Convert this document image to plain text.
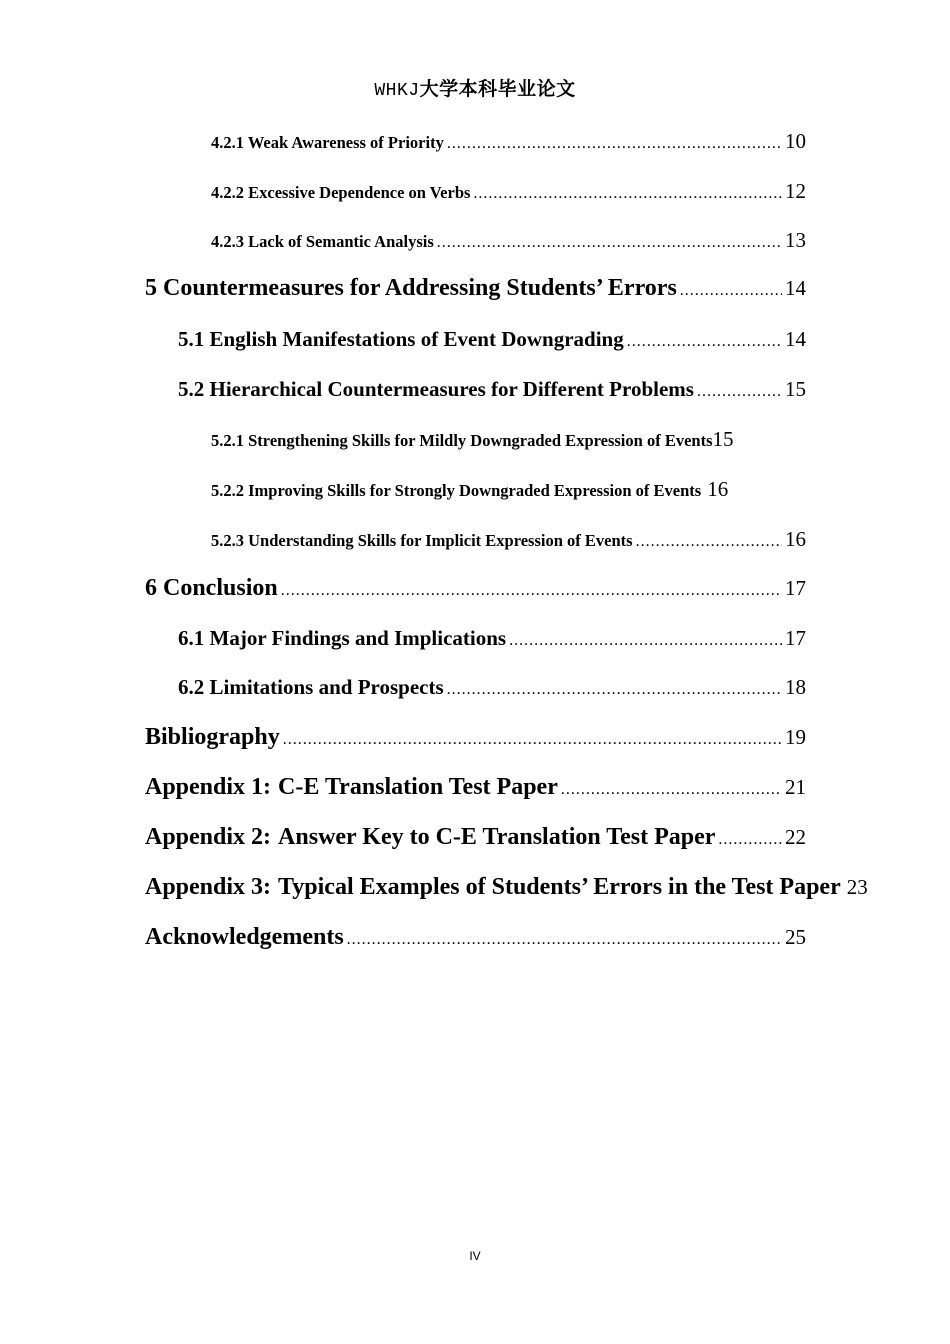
WHKJ大学本科毕业论文
4.2.1 Weak Awareness of Priority .....	10
4.2.2 Excessive Dependence on Verbs .....	12
4.2.3 Lack of Semantic Analysis .....	13
5 Countermeasures for Addressing Students’ Errors .....	14
5.1 English Manifestations of Event Downgrading .....	14
5.2 Hierarchical Countermeasures for Different Problems .....	15
5.2.1 Strengthening Skills for Mildly Downgraded Expression of Events 15
5.2.2 Improving Skills for Strongly Downgraded Expression of Events 16
5.2.3 Understanding Skills for Implicit Expression of Events .....	16
6 Conclusion .....	17
6.1 Major Findings and Implications .....	17
6.2 Limitations and Prospects .....	18
Bibliography .....	19
Appendix 1: C-E Translation Test Paper .....	21
Appendix 2: Answer Key to C-E Translation Test Paper .....	22
Appendix 3: Typical Examples of Students’ Errors in the Test Paper 23
Acknowledgements .....	25
IV
